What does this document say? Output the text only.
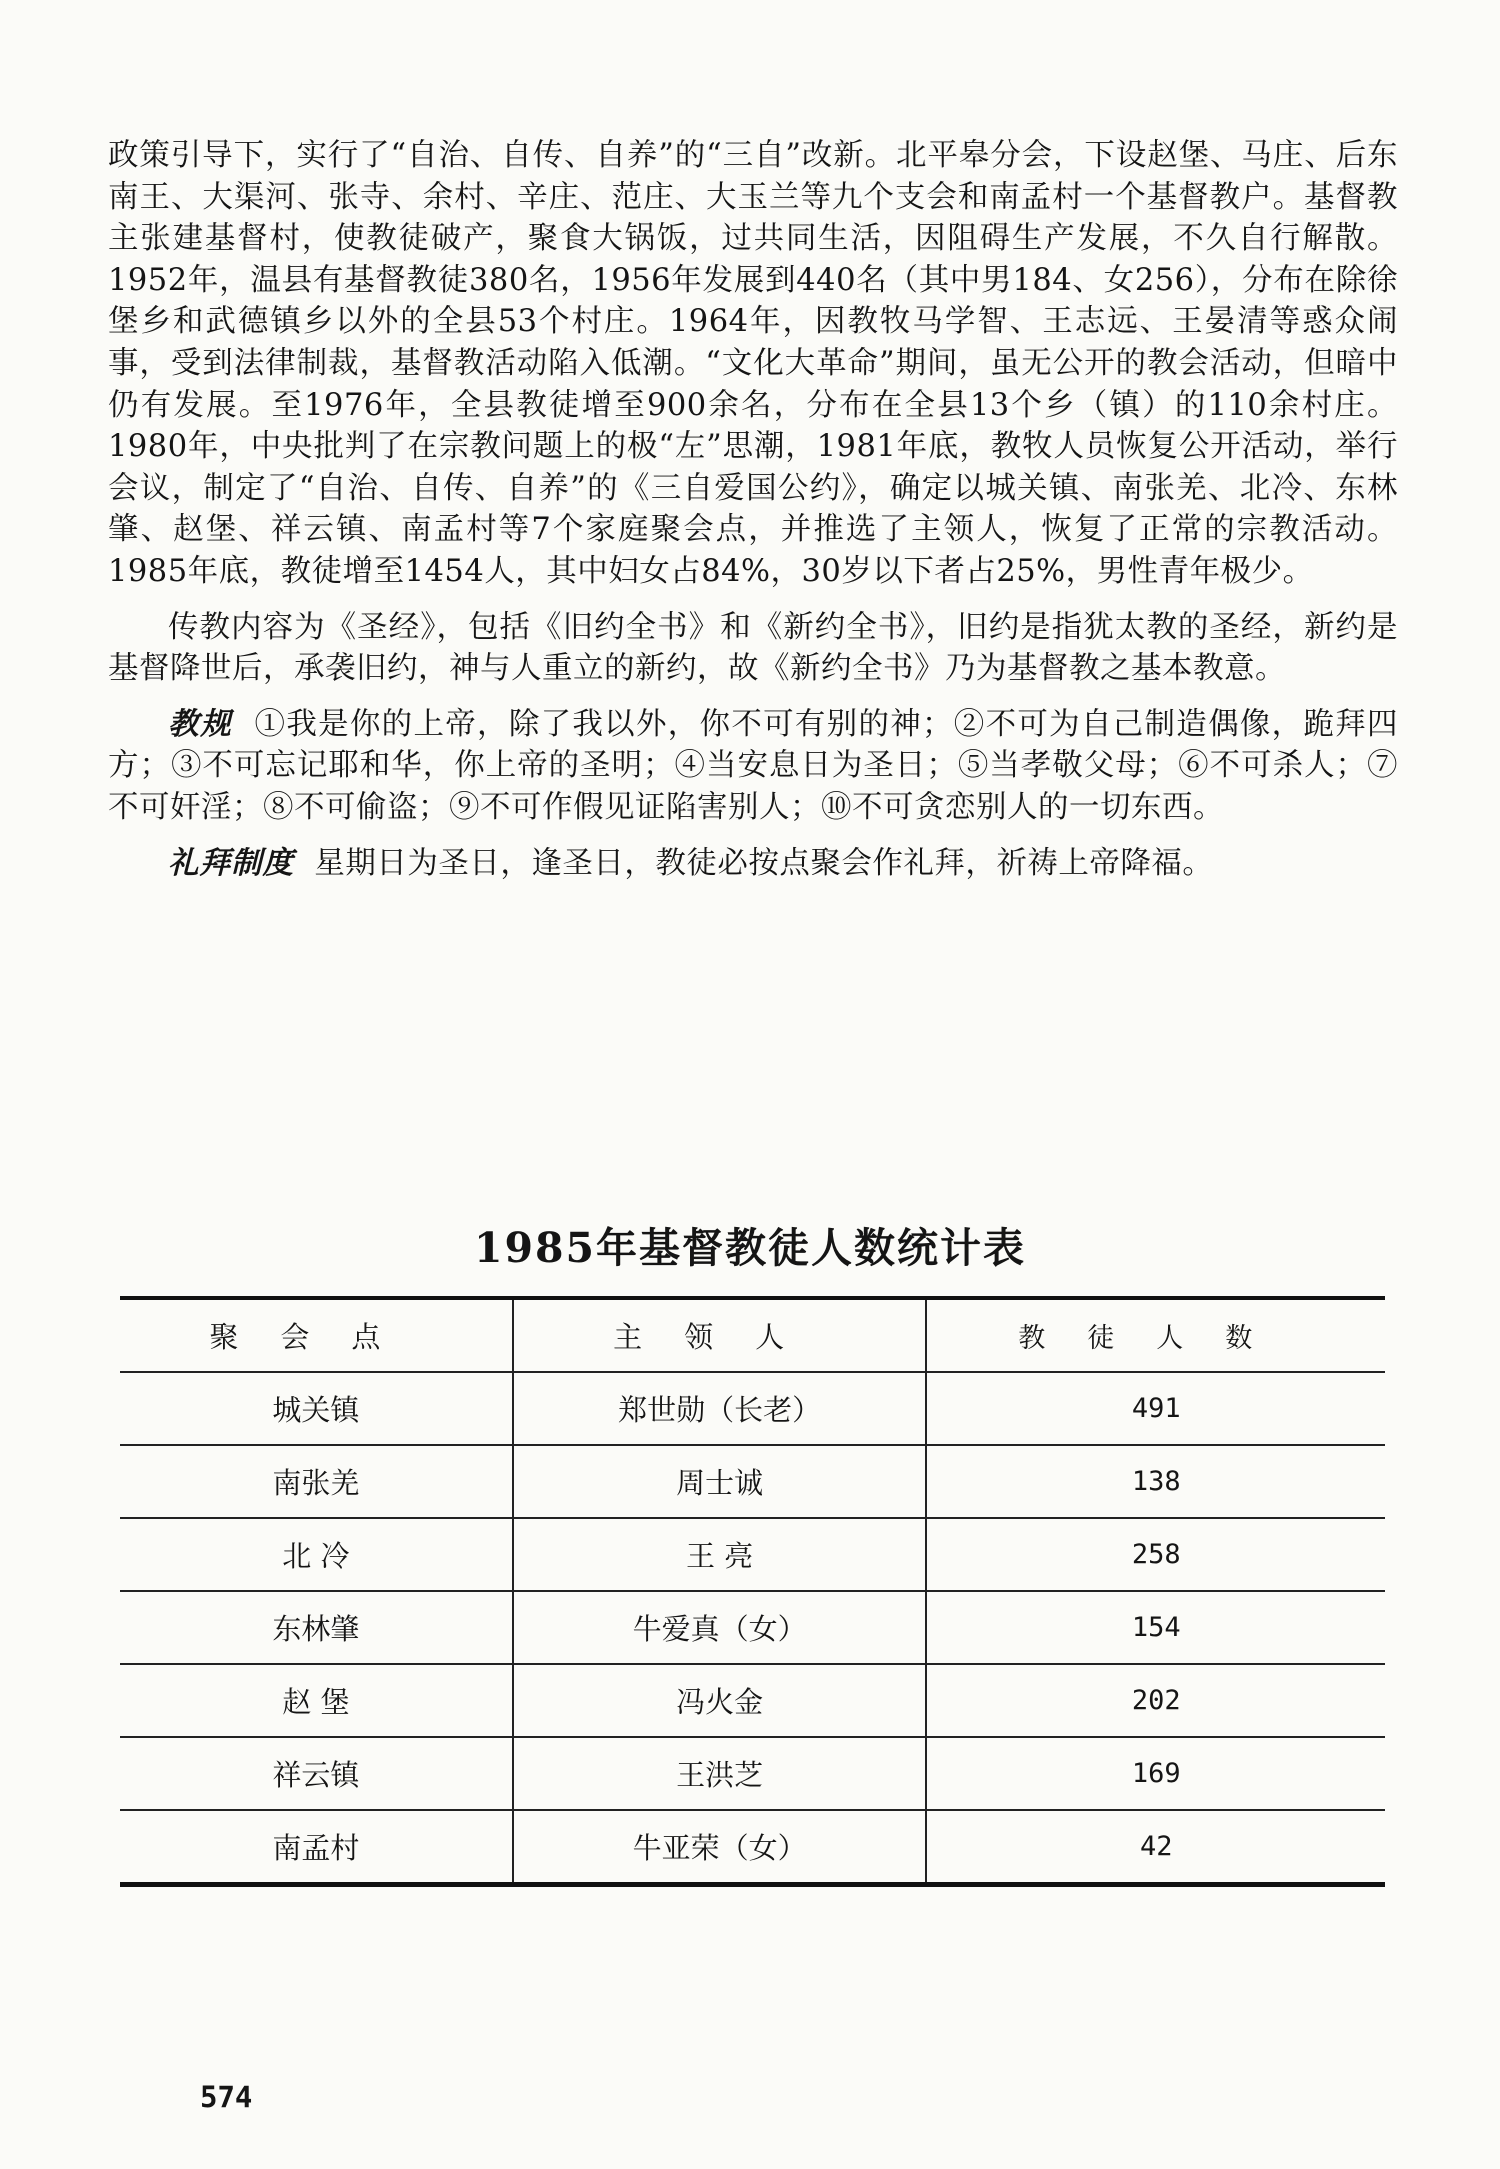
政策引导下，实行了“自治、自传、自养”的“三自”改新。北平皋分会，下设赵堡、马庄、后东南王、大渠河、张寺、余村、辛庄、范庄、大玉兰等九个支会和南孟村一个基督教户。基督教主张建基督村，使教徒破产，聚食大锅饭，过共同生活，因阻碍生产发展，不久自行解散。1952年，温县有基督教徒380名，1956年发展到440名（其中男184、女256），分布在除徐堡乡和武德镇乡以外的全县53个村庄。1964年，因教牧马学智、王志远、王晏清等惑众闹事，受到法律制裁，基督教活动陷入低潮。“文化大革命”期间，虽无公开的教会活动，但暗中仍有发展。至1976年，全县教徒增至900余名，分布在全县13个乡（镇）的110余村庄。1980年，中央批判了在宗教问题上的极“左”思潮，1981年底，教牧人员恢复公开活动，举行会议，制定了“自治、自传、自养”的《三自爱国公约》，确定以城关镇、南张羌、北冷、东林肇、赵堡、祥云镇、南孟村等7个家庭聚会点，并推选了主领人，恢复了正常的宗教活动。1985年底，教徒增至1454人，其中妇女占84%，30岁以下者占25%，男性青年极少。

传教内容为《圣经》，包括《旧约全书》和《新约全书》，旧约是指犹太教的圣经，新约是基督降世后，承袭旧约，神与人重立的新约，故《新约全书》乃为基督教之基本教意。

教规 ①我是你的上帝，除了我以外，你不可有别的神；②不可为自己制造偶像，跪拜四方；③不可忘记耶和华，你上帝的圣明；④当安息日为圣日；⑤当孝敬父母；⑥不可杀人；⑦不可奸淫；⑧不可偷盗；⑨不可作假见证陷害别人；⑩不可贪恋别人的一切东西。

礼拜制度 星期日为圣日，逢圣日，教徒必按点聚会作礼拜，祈祷上帝降福。

1985年基督教徒人数统计表
聚会点	主领人	教徒人数
城关镇	郑世勋（长老）	491
南张羌	周士诚	138
北 冷	王 亮	258
东林肇	牛爱真（女）	154
赵 堡	冯火金	202
祥云镇	王洪芝	169
南孟村	牛亚荣（女）	42
574
